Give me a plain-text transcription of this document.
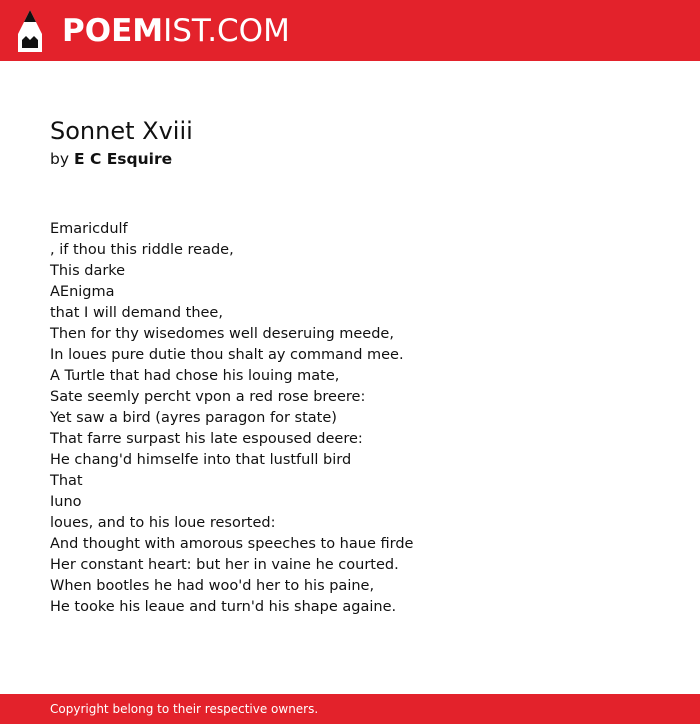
POEMIST.COM
Sonnet Xviii
by E C Esquire
Emaricdulf
, if thou this riddle reade,
This darke
AEnigma
that I will demand thee,
Then for thy wisedomes well deseruing meede,
In loues pure dutie thou shalt ay command mee.
A Turtle that had chose his louing mate,
Sate seemly percht vpon a red rose breere:
Yet saw a bird (ayres paragon for state)
That farre surpast his late espoused deere:
He chang'd himselfe into that lustfull bird
That
Iuno
loues, and to his loue resorted:
And thought with amorous speeches to haue firde
Her constant heart: but her in vaine he courted.
When bootles he had woo'd her to his paine,
He tooke his leaue and turn'd his shape againe.
Copyright belong to their respective owners.
